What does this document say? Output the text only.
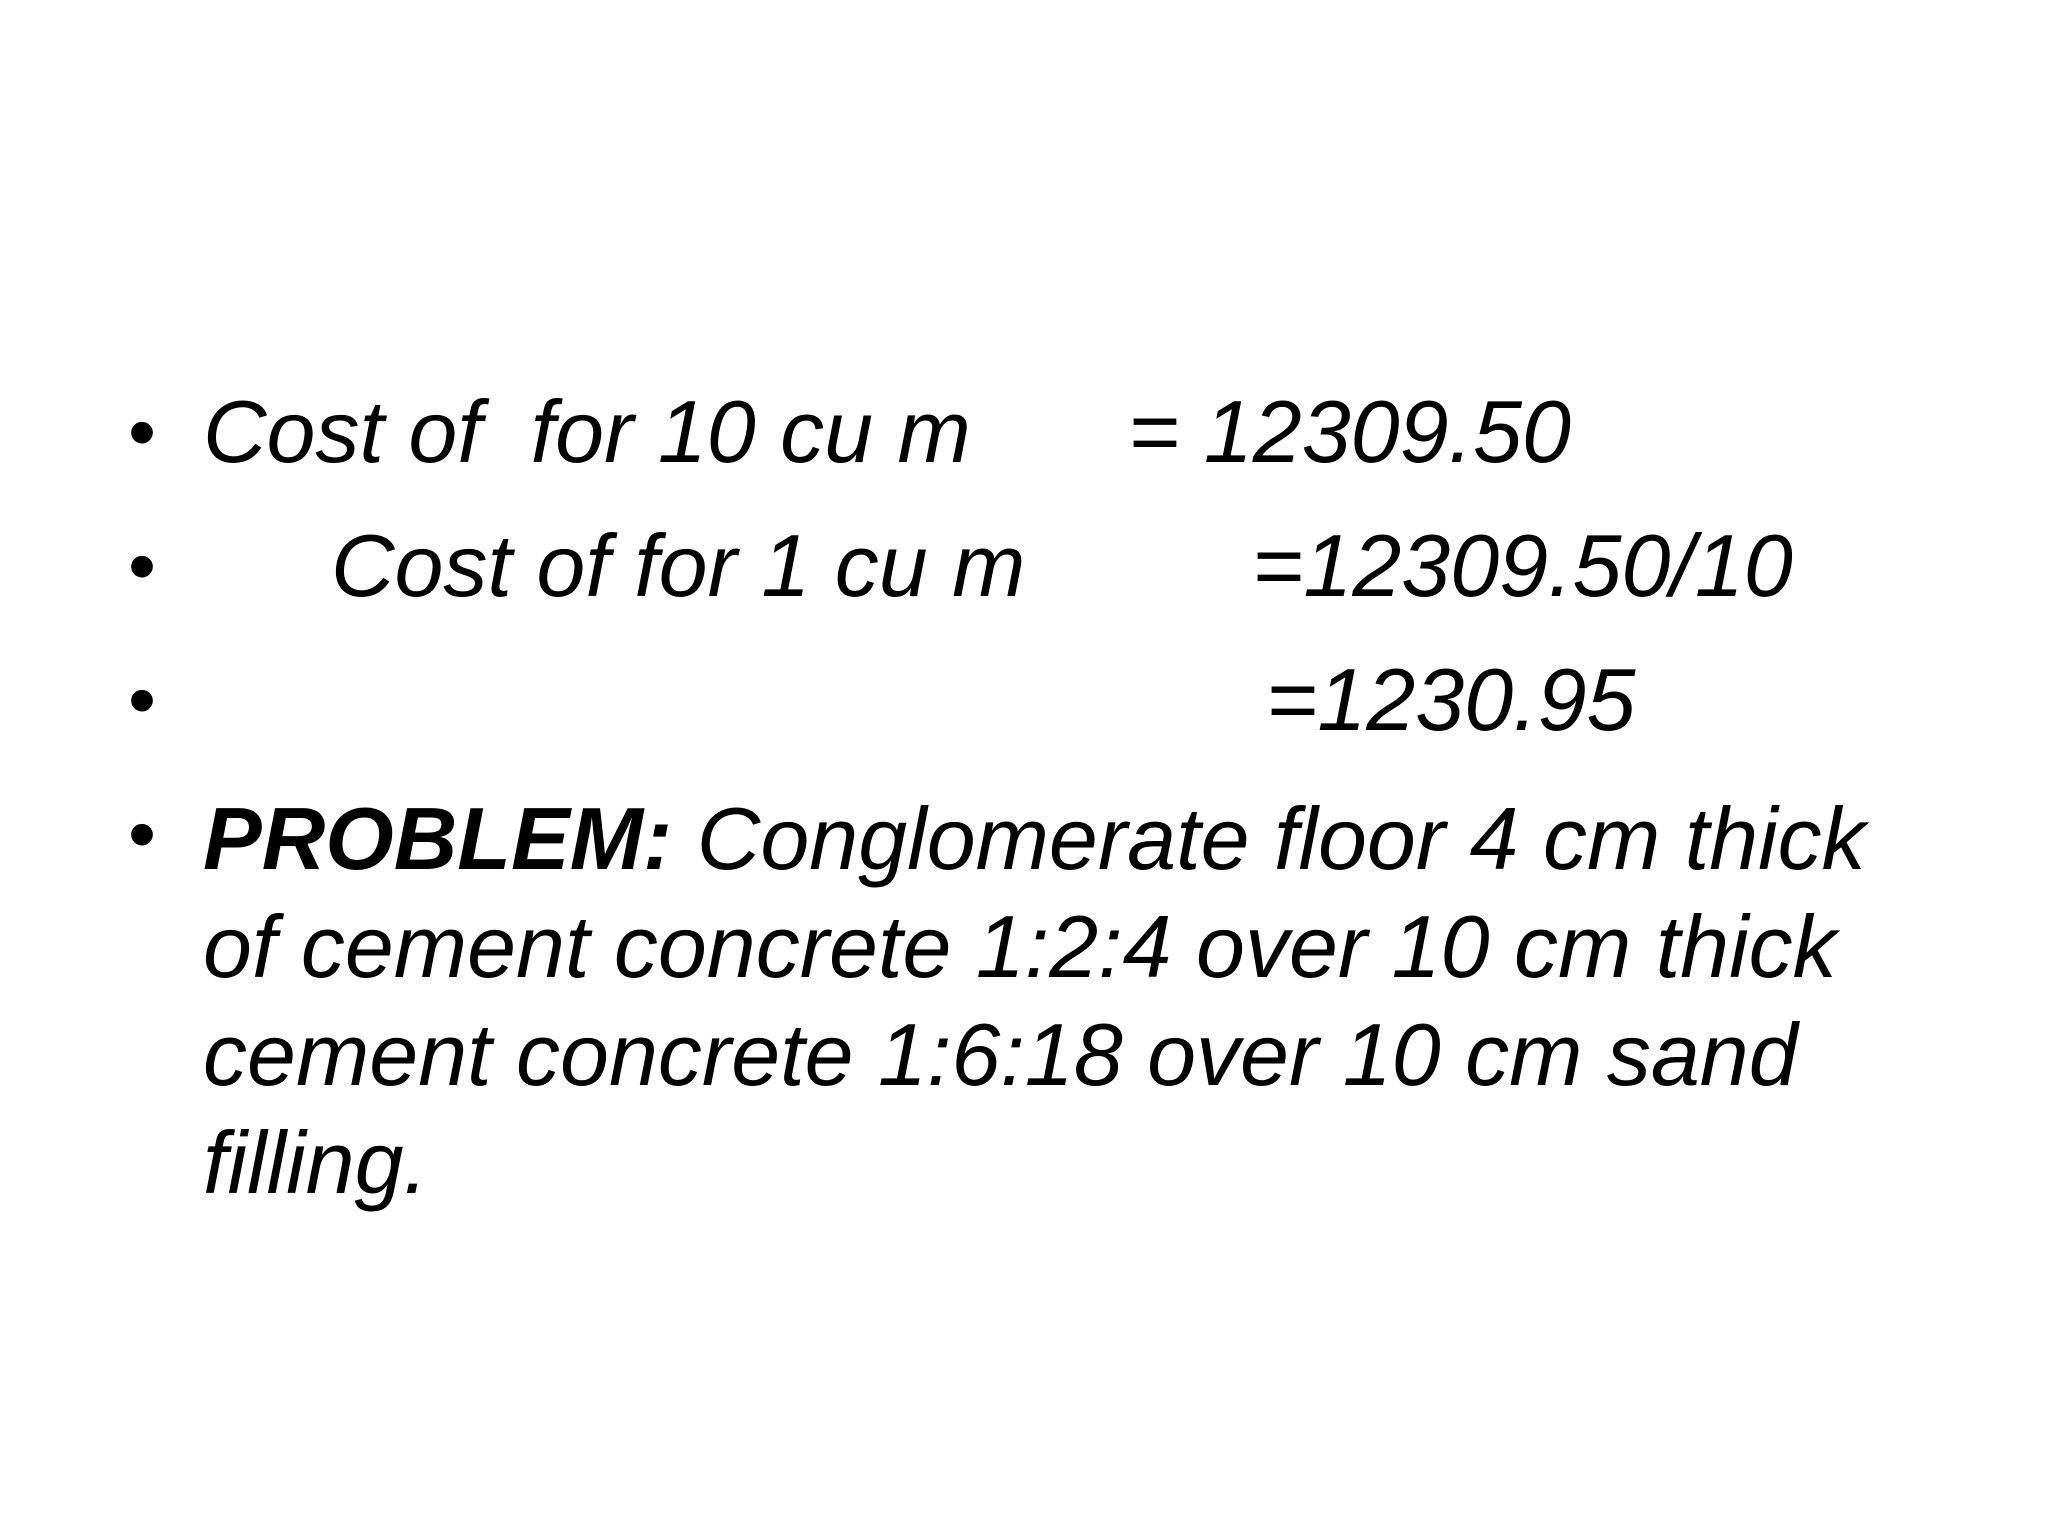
• Cost of  for 10 cu m = 12309.50
• Cost of for 1 cu m	=12309.50/10
•	=1230.95
• PROBLEM: Conglomerate floor 4 cm thick of cement concrete 1:2:4 over 10 cm thick cement concrete 1:6:18 over 10 cm sand filling.
